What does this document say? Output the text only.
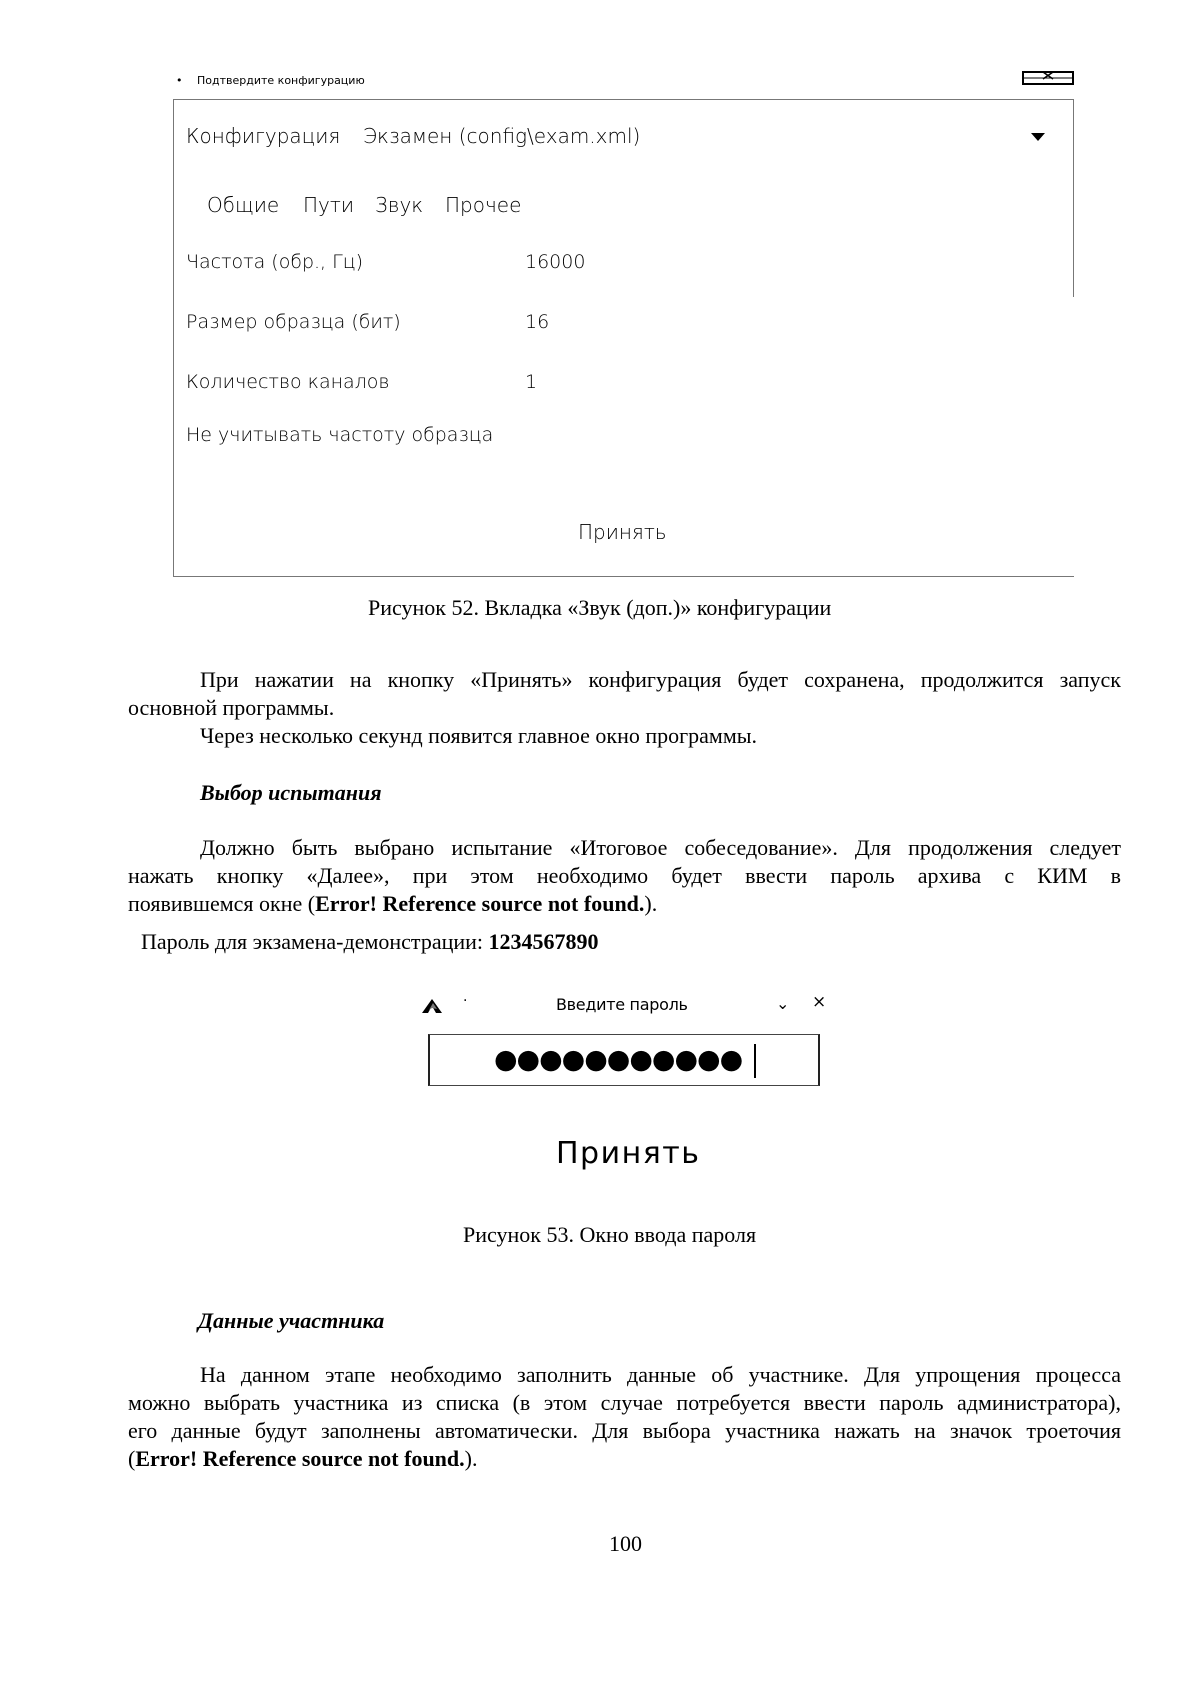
• Подтвердите конфигурацию
Конфигурация Экзамен (config\exam.xml)
Общие Пути Звук Прочее
Частота (обр., Гц)	16000
Размер образца (бит)	16
Количество каналов	1
Не учитывать частоту образца
Принять
Рисунок 52. Вкладка «Звук (доп.)» конфигурации
При нажатии на кнопку «Принять» конфигурация будет сохранена, продолжится запуск
основной программы.
Через несколько секунд появится главное окно программы.
Выбор испытания
Должно быть выбрано испытание «Итоговое собеседование». Для продолжения следует
нажать кнопку «Далее», при этом необходимо будет ввести пароль архива с КИМ в
появившемся окне (Error! Reference source not found.).
Пароль для экзамена-демонстрации: 1234567890
·	Введите пароль	⌄ ×
●●●●●●●●●●●
Принять
Рисунок 53. Окно ввода пароля
Данные участника
На данном этапе необходимо заполнить данные об участнике. Для упрощения процесса
можно выбрать участника из списка (в этом случае потребуется ввести пароль администратора),
его данные будут заполнены автоматически. Для выбора участника нажать на значок троеточия
(Error! Reference source not found.).
100
